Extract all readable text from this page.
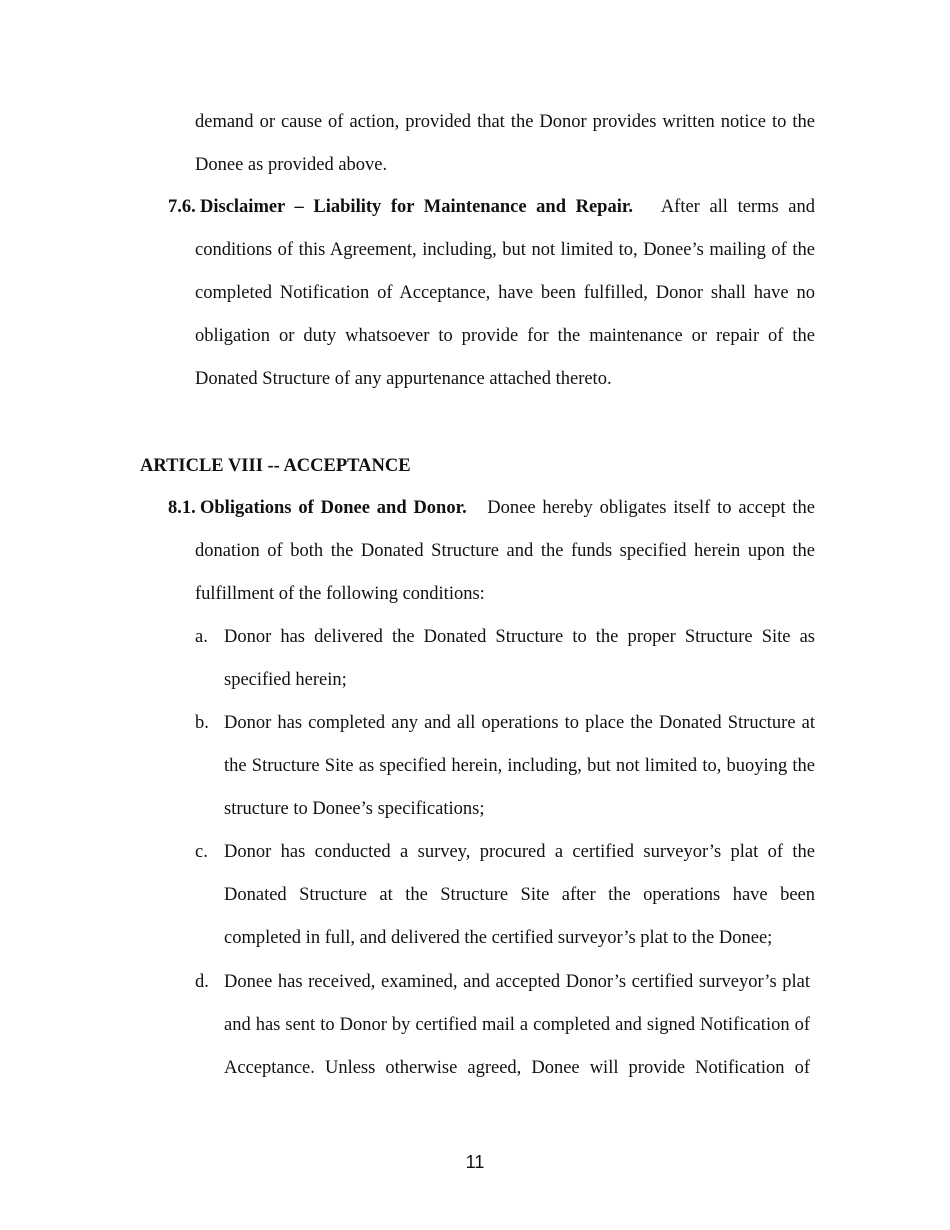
demand or cause of action, provided that the Donor provides written notice to the Donee as provided above.

7.6. Disclaimer – Liability for Maintenance and Repair. After all terms and conditions of this Agreement, including, but not limited to, Donee’s mailing of the completed Notification of Acceptance, have been fulfilled, Donor shall have no obligation or duty whatsoever to provide for the maintenance or repair of the Donated Structure of any appurtenance attached thereto.

ARTICLE VIII -- ACCEPTANCE
8.1. Obligations of Donee and Donor. Donee hereby obligates itself to accept the donation of both the Donated Structure and the funds specified herein upon the fulfillment of the following conditions:

a. Donor has delivered the Donated Structure to the proper Structure Site as specified herein;

b. Donor has completed any and all operations to place the Donated Structure at the Structure Site as specified herein, including, but not limited to, buoying the structure to Donee’s specifications;

c. Donor has conducted a survey, procured a certified surveyor’s plat of the Donated Structure at the Structure Site after the operations have been completed in full, and delivered the certified surveyor’s plat to the Donee;

d. Donee has received, examined, and accepted Donor’s certified surveyor’s plat and has sent to Donor by certified mail a completed and signed Notification of Acceptance. Unless otherwise agreed, Donee will provide Notification of

11
